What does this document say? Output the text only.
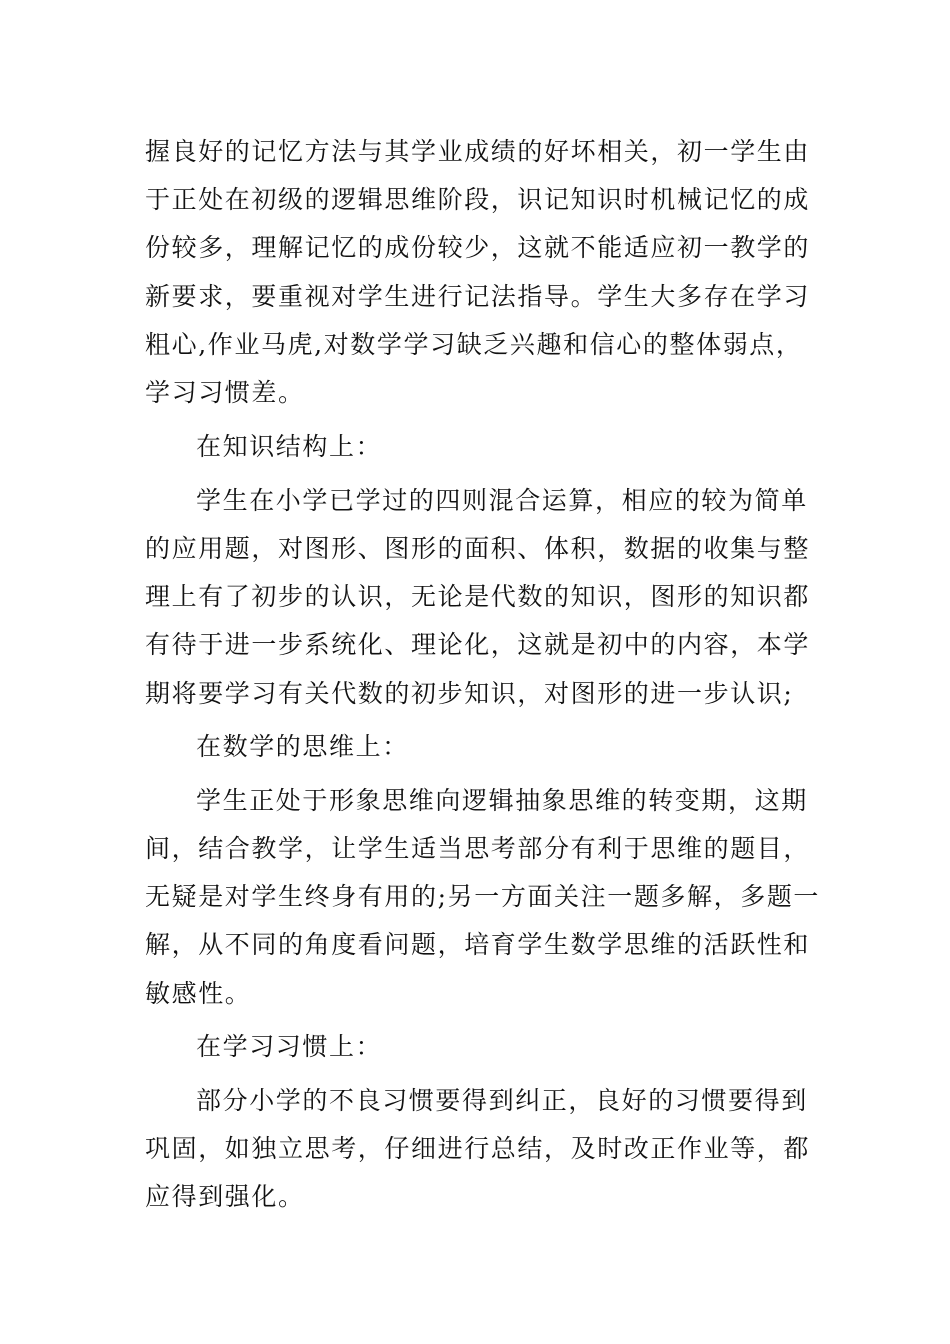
握良好的记忆方法与其学业成绩的好坏相关，初一学生由
于正处在初级的逻辑思维阶段，识记知识时机械记忆的成
份较多，理解记忆的成份较少，这就不能适应初一教学的
新要求，要重视对学生进行记法指导。学生大多存在学习
粗心,作业马虎,对数学学习缺乏兴趣和信心的整体弱点，
学习习惯差。
在知识结构上：
学生在小学已学过的四则混合运算，相应的较为简单
的应用题，对图形、图形的面积、体积，数据的收集与整
理上有了初步的认识，无论是代数的知识，图形的知识都
有待于进一步系统化、理论化，这就是初中的内容，本学
期将要学习有关代数的初步知识，对图形的进一步认识;
在数学的思维上：
学生正处于形象思维向逻辑抽象思维的转变期，这期
间，结合教学，让学生适当思考部分有利于思维的题目，
无疑是对学生终身有用的;另一方面关注一题多解，多题一
解，从不同的角度看问题，培育学生数学思维的活跃性和
敏感性。
在学习习惯上：
部分小学的不良习惯要得到纠正，良好的习惯要得到
巩固，如独立思考，仔细进行总结，及时改正作业等，都
应得到强化。
